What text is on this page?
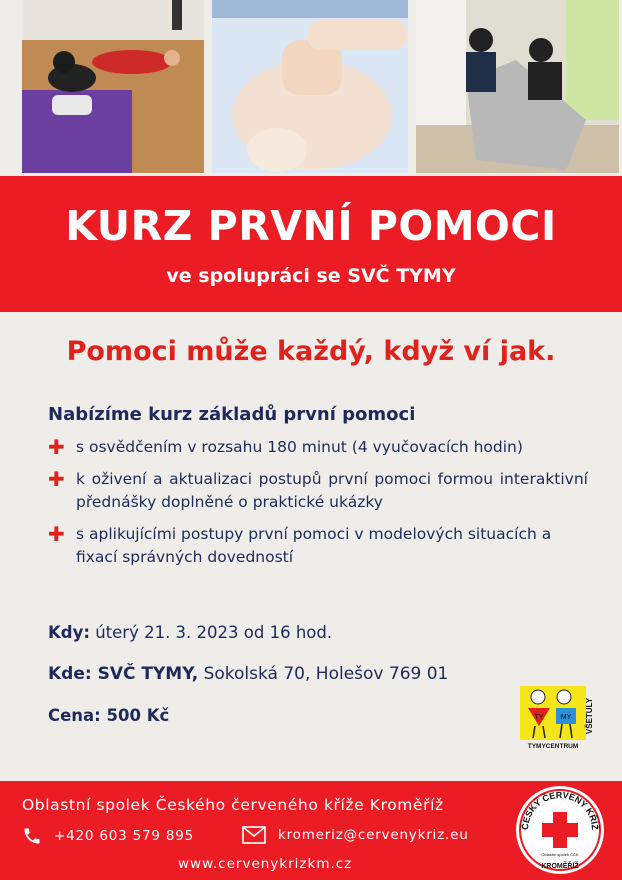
KURZ PRVNÍ POMOCI
ve spolupráci se SVČ TYMY
Pomoci může každý, když ví jak.
Nabízíme kurz základů první pomoci
✚ s osvědčením v rozsahu 180 minut (4 vyučovacích hodin)
✚ k oživení a aktualizaci postupů první pomoci formou interaktivní přednášky doplněné o praktické ukázky
✚ s aplikujícími postupy první pomoci v modelových situacích a fixací správných dovedností
Kdy: úterý 21. 3. 2023 od 16 hod.
Kde: SVČ TYMY, Sokolská 70, Holešov 769 01
Cena: 500 Kč	TY MY
TYMYCENTRUM
VŠETULY
Oblastní spolek Českého červeného kříže Kroměříž
+420 603 579 895	kromeriz@cervenykriz.eu
www.cervenykrizkm.cz
ČESKÝ ČERVENÝ KŘÍŽ
Oblastní spolek ČČK
KROMĚŘÍŽ
